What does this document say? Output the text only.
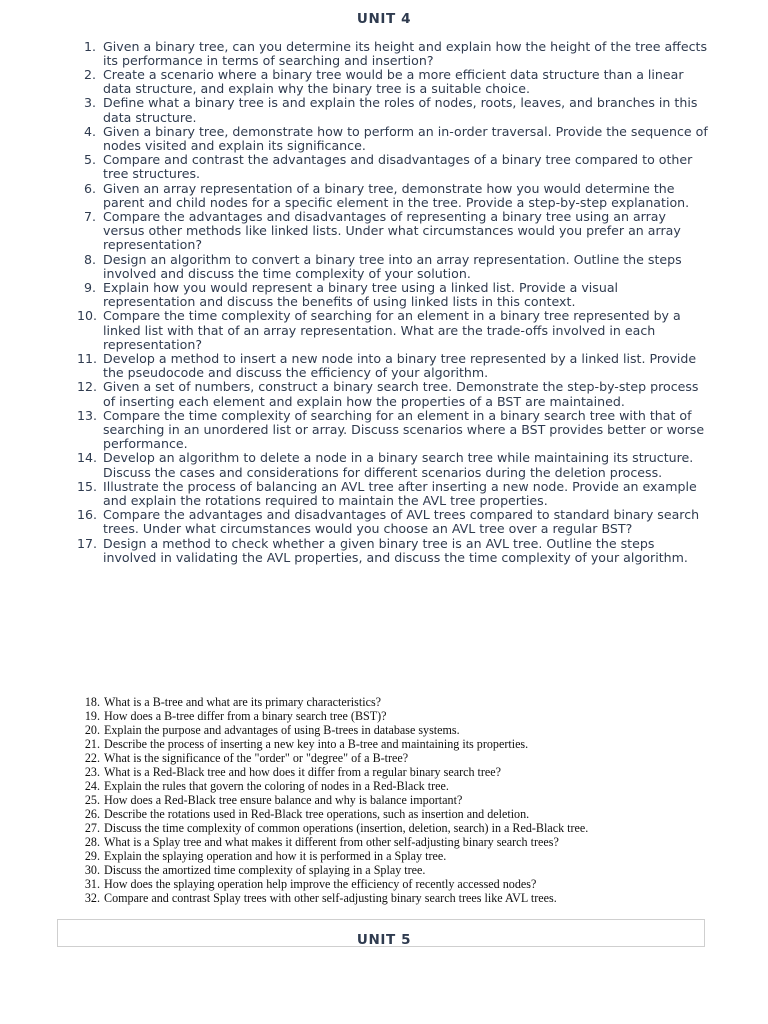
UNIT 4
1. Given a binary tree, can you determine its height and explain how the height of the tree affects its performance in terms of searching and insertion?
2. Create a scenario where a binary tree would be a more efficient data structure than a linear data structure, and explain why the binary tree is a suitable choice.
3. Define what a binary tree is and explain the roles of nodes, roots, leaves, and branches in this data structure.
4. Given a binary tree, demonstrate how to perform an in-order traversal. Provide the sequence of nodes visited and explain its significance.
5. Compare and contrast the advantages and disadvantages of a binary tree compared to other tree structures.
6. Given an array representation of a binary tree, demonstrate how you would determine the parent and child nodes for a specific element in the tree. Provide a step-by-step explanation.
7. Compare the advantages and disadvantages of representing a binary tree using an array versus other methods like linked lists. Under what circumstances would you prefer an array representation?
8. Design an algorithm to convert a binary tree into an array representation. Outline the steps involved and discuss the time complexity of your solution.
9. Explain how you would represent a binary tree using a linked list. Provide a visual representation and discuss the benefits of using linked lists in this context.
10. Compare the time complexity of searching for an element in a binary tree represented by a linked list with that of an array representation. What are the trade-offs involved in each representation?
11. Develop a method to insert a new node into a binary tree represented by a linked list. Provide the pseudocode and discuss the efficiency of your algorithm.
12. Given a set of numbers, construct a binary search tree. Demonstrate the step-by-step process of inserting each element and explain how the properties of a BST are maintained.
13. Compare the time complexity of searching for an element in a binary search tree with that of searching in an unordered list or array. Discuss scenarios where a BST provides better or worse performance.
14. Develop an algorithm to delete a node in a binary search tree while maintaining its structure. Discuss the cases and considerations for different scenarios during the deletion process.
15. Illustrate the process of balancing an AVL tree after inserting a new node. Provide an example and explain the rotations required to maintain the AVL tree properties.
16. Compare the advantages and disadvantages of AVL trees compared to standard binary search trees. Under what circumstances would you choose an AVL tree over a regular BST?
17. Design a method to check whether a given binary tree is an AVL tree. Outline the steps involved in validating the AVL properties, and discuss the time complexity of your algorithm.
18. What is a B-tree and what are its primary characteristics?
19. How does a B-tree differ from a binary search tree (BST)?
20. Explain the purpose and advantages of using B-trees in database systems.
21. Describe the process of inserting a new key into a B-tree and maintaining its properties.
22. What is the significance of the "order" or "degree" of a B-tree?
23. What is a Red-Black tree and how does it differ from a regular binary search tree?
24. Explain the rules that govern the coloring of nodes in a Red-Black tree.
25. How does a Red-Black tree ensure balance and why is balance important?
26. Describe the rotations used in Red-Black tree operations, such as insertion and deletion.
27. Discuss the time complexity of common operations (insertion, deletion, search) in a Red-Black tree.
28. What is a Splay tree and what makes it different from other self-adjusting binary search trees?
29. Explain the splaying operation and how it is performed in a Splay tree.
30. Discuss the amortized time complexity of splaying in a Splay tree.
31. How does the splaying operation help improve the efficiency of recently accessed nodes?
32. Compare and contrast Splay trees with other self-adjusting binary search trees like AVL trees.
UNIT 5
